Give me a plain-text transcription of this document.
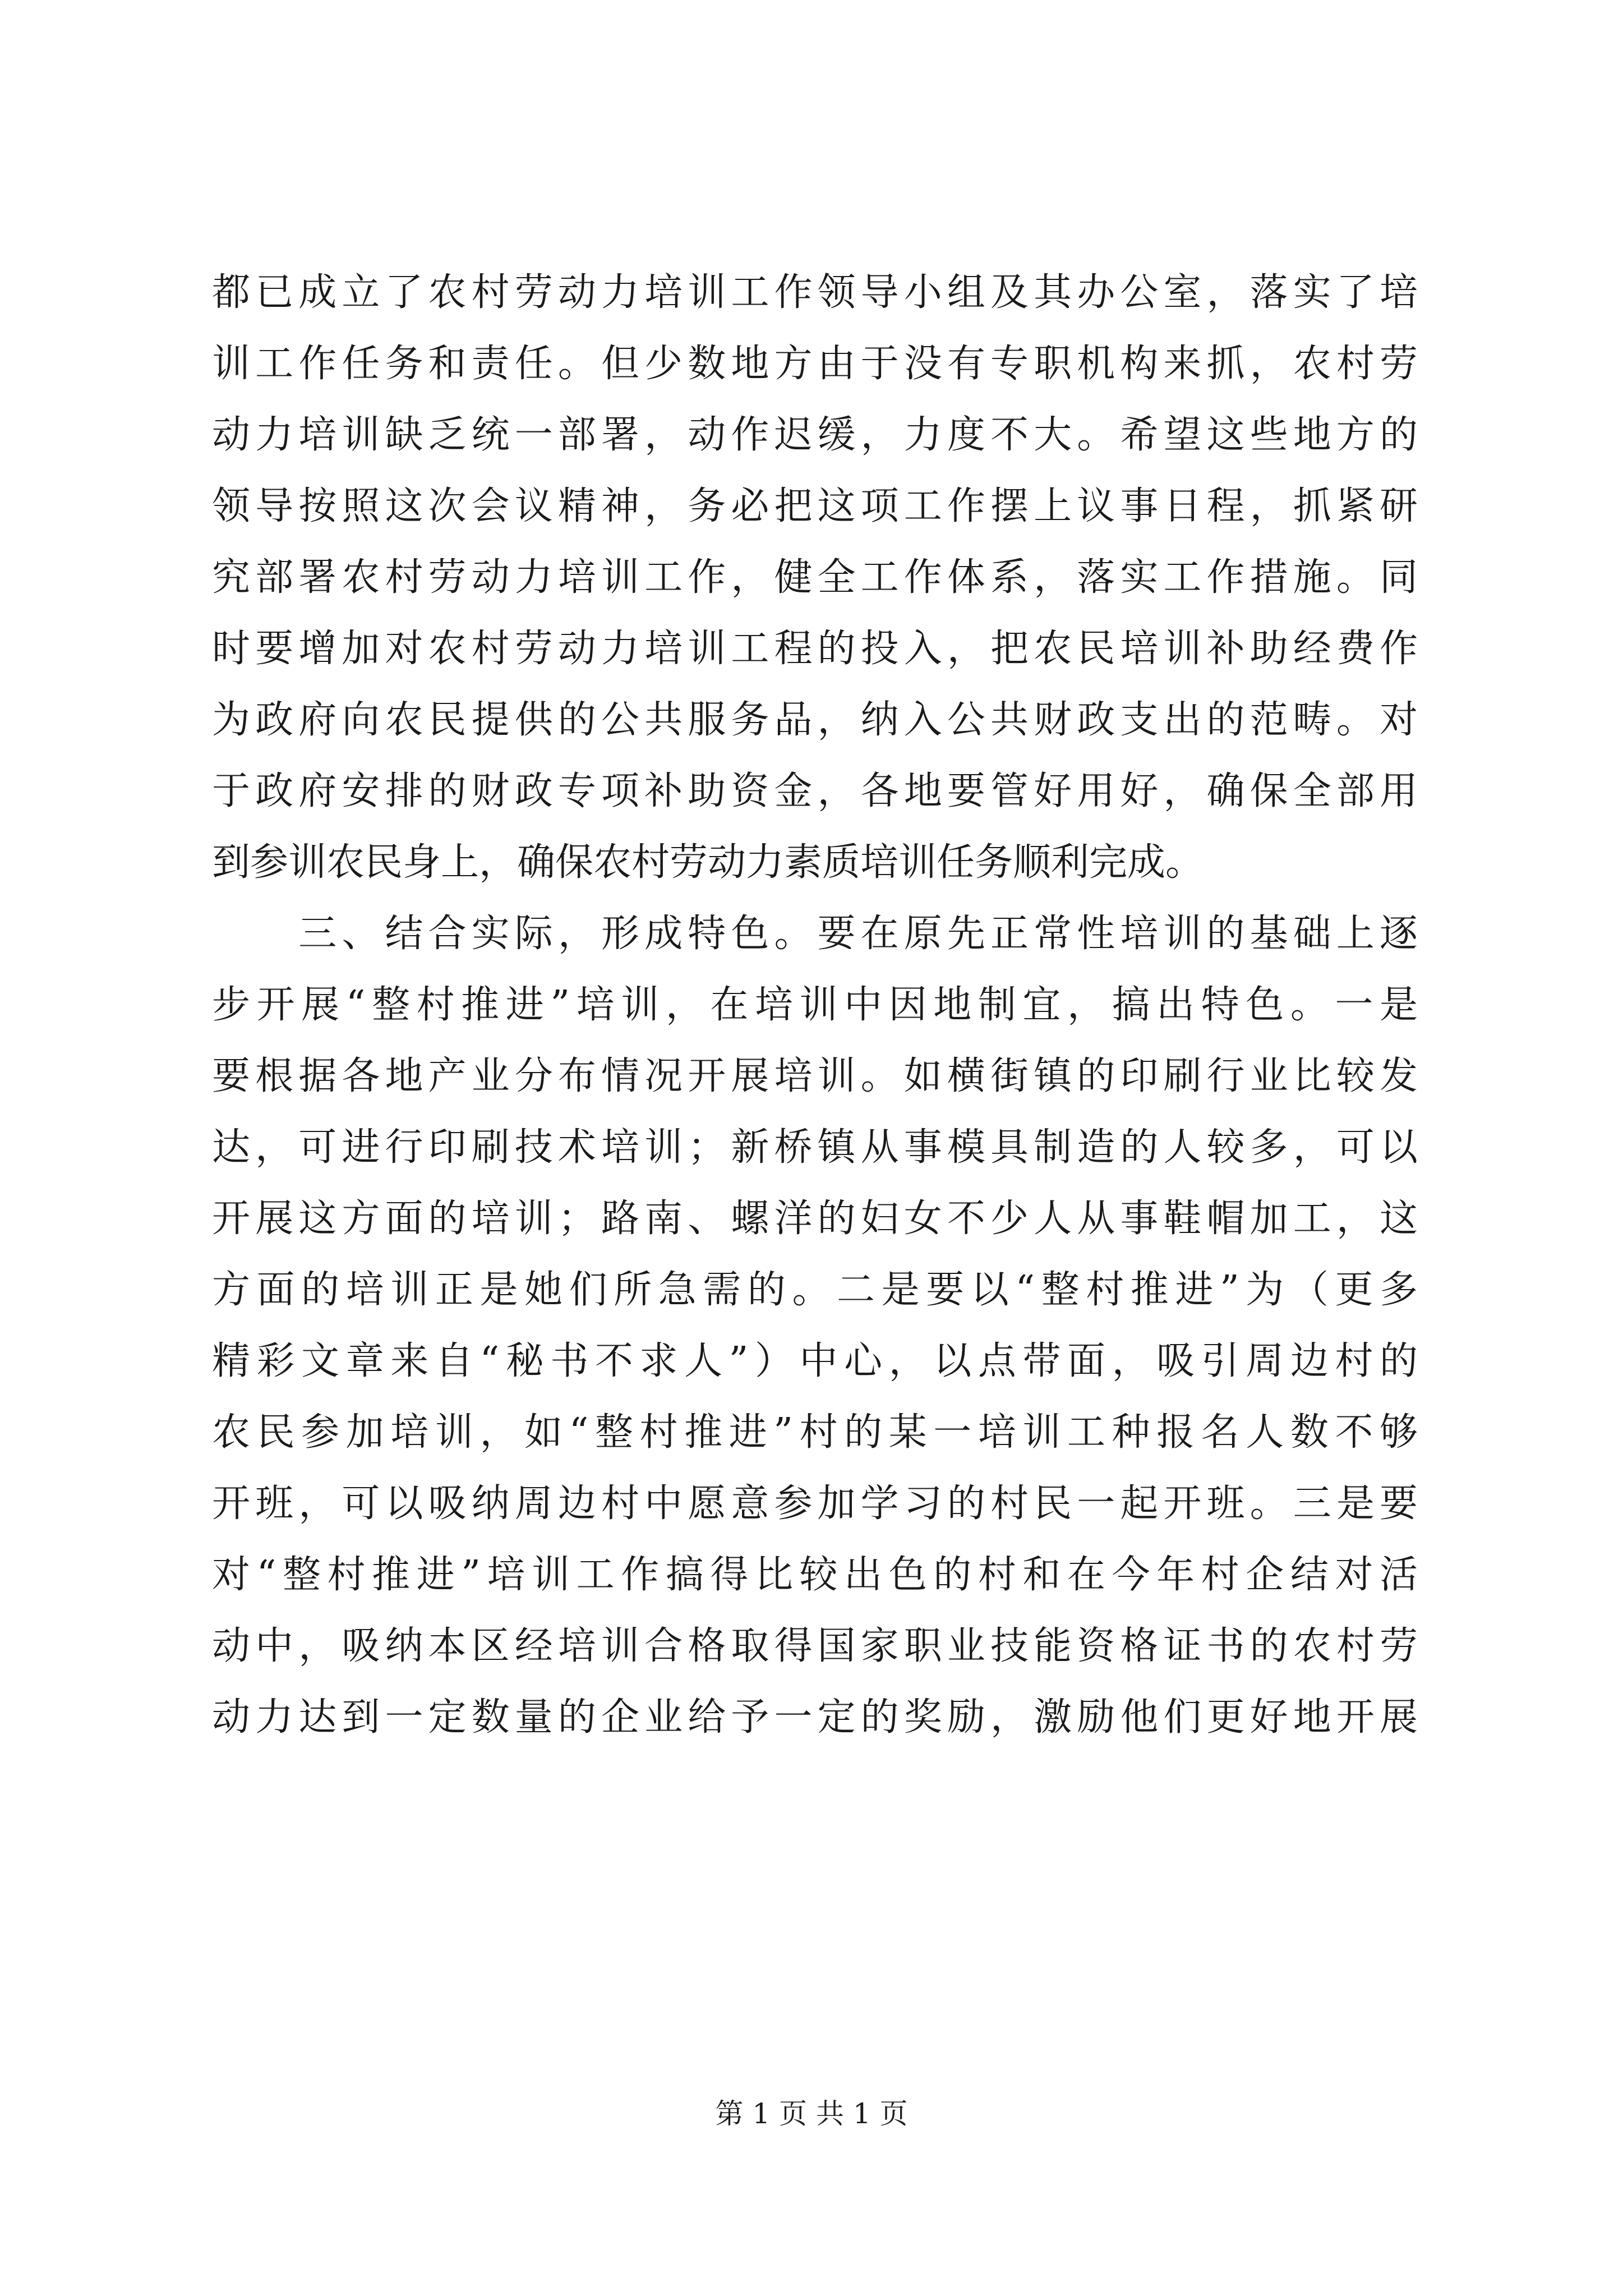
都已成立了农村劳动力培训工作领导小组及其办公室，落实了培
训工作任务和责任。但少数地方由于没有专职机构来抓，农村劳
动力培训缺乏统一部署，动作迟缓，力度不大。希望这些地方的
领导按照这次会议精神，务必把这项工作摆上议事日程，抓紧研
究部署农村劳动力培训工作，健全工作体系，落实工作措施。同
时要增加对农村劳动力培训工程的投入，把农民培训补助经费作
为政府向农民提供的公共服务品，纳入公共财政支出的范畴。对
于政府安排的财政专项补助资金，各地要管好用好，确保全部用
到参训农民身上，确保农村劳动力素质培训任务顺利完成。
　　三、结合实际，形成特色。要在原先正常性培训的基础上逐
步开展“整村推进”培训，在培训中因地制宜，搞出特色。一是
要根据各地产业分布情况开展培训。如横街镇的印刷行业比较发
达，可进行印刷技术培训；新桥镇从事模具制造的人较多，可以
开展这方面的培训；路南、螺洋的妇女不少人从事鞋帽加工，这
方面的培训正是她们所急需的。二是要以“整村推进”为（更多
精彩文章来自“秘书不求人”）中心，以点带面，吸引周边村的
农民参加培训，如“整村推进”村的某一培训工种报名人数不够
开班，可以吸纳周边村中愿意参加学习的村民一起开班。三是要
对“整村推进”培训工作搞得比较出色的村和在今年村企结对活
动中，吸纳本区经培训合格取得国家职业技能资格证书的农村劳
动力达到一定数量的企业给予一定的奖励，激励他们更好地开展
第 1 页 共 1 页
